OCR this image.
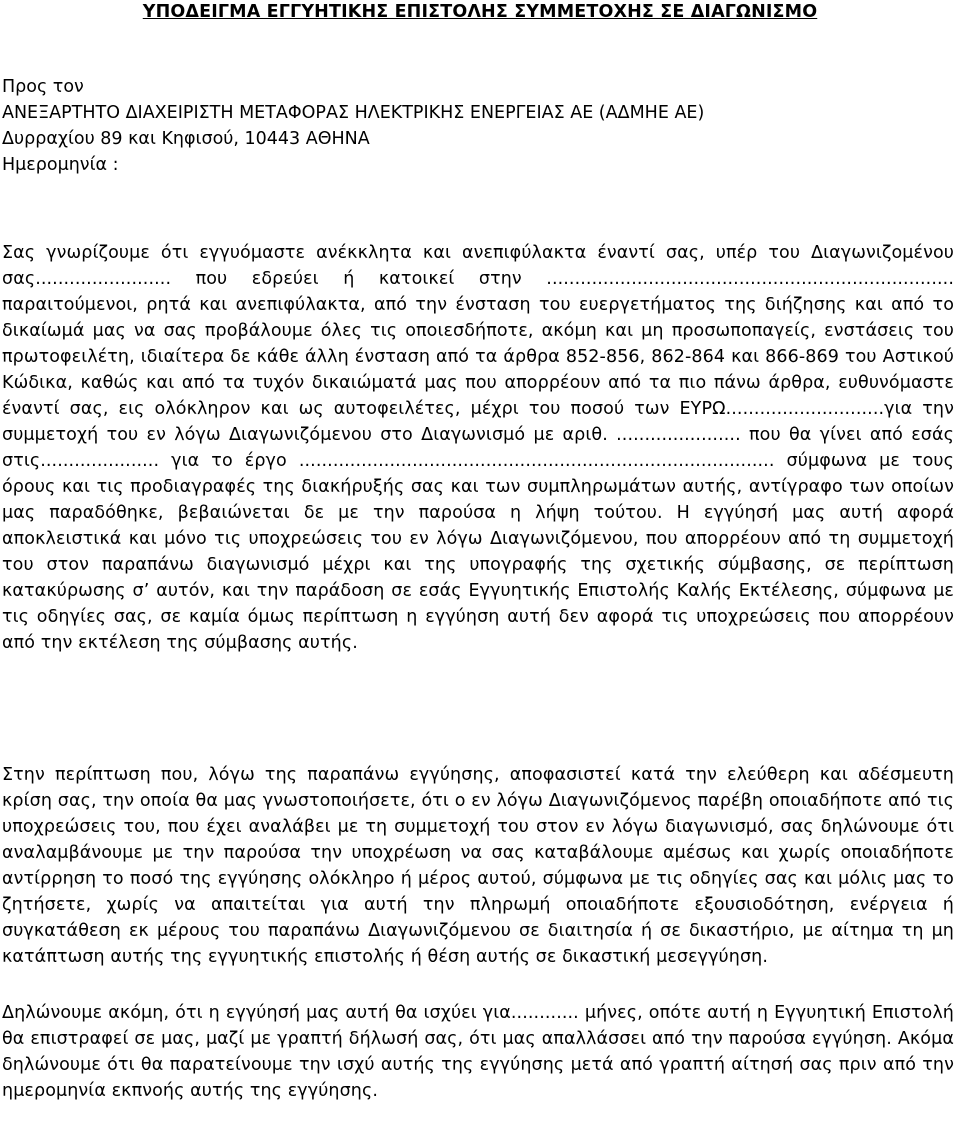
ΥΠΟΔΕΙΓΜΑ ΕΓΓΥΗΤΙΚΗΣ ΕΠΙΣΤΟΛΗΣ ΣΥΜΜΕΤΟΧΗΣ ΣΕ ΔΙΑΓΩΝΙΣΜΟ
Προς τον
ΑΝΕΞΑΡΤΗΤΟ ΔΙΑΧΕΙΡΙΣΤΗ ΜΕΤΑΦΟΡΑΣ ΗΛΕΚΤΡΙΚΗΣ ΕΝΕΡΓΕΙΑΣ ΑΕ (ΑΔΜΗΕ ΑΕ)
Δυρραχίου 89 και Κηφισού, 10443 ΑΘΗΝΑ
Ημερομηνία :

Σας γνωρίζουμε ότι εγγυόμαστε ανέκκλητα και ανεπιφύλακτα έναντί σας, υπέρ του Διαγωνιζομένου σας........................ που εδρεύει ή κατοικεί στην ........................................................................ παραιτούμενοι, ρητά και ανεπιφύλακτα, από την ένσταση του ευεργετήματος της διήζησης και από το δικαίωμά μας να σας προβάλουμε όλες τις οποιεσδήποτε, ακόμη και μη προσωποπαγείς, ενστάσεις του πρωτοφειλέτη, ιδιαίτερα δε κάθε άλλη ένσταση από τα άρθρα 852-856, 862-864 και 866-869 του Αστικού Κώδικα, καθώς και από τα τυχόν δικαιώματά μας που απορρέουν από τα πιο πάνω άρθρα, ευθυνόμαστε έναντί σας, εις ολόκληρον και ως αυτοφειλέτες, μέχρι του ποσού των ΕΥΡΩ............................για την συμμετοχή του εν λόγω Διαγωνιζόμενου στο Διαγωνισμό με αριθ. ...................... που θα γίνει από εσάς στις..................... για το έργο .................................................................................... σύμφωνα με τους όρους και τις προδιαγραφές της διακήρυξής σας και των συμπληρωμάτων αυτής, αντίγραφο των οποίων μας παραδόθηκε, βεβαιώνεται δε με την παρούσα η λήψη τούτου. Η εγγύησή μας αυτή αφορά αποκλειστικά και μόνο τις υποχρεώσεις του εν λόγω Διαγωνιζόμενου, που απορρέουν από τη συμμετοχή του στον παραπάνω διαγωνισμό μέχρι και της υπογραφής της σχετικής σύμβασης, σε περίπτωση κατακύρωσης σ’ αυτόν, και την παράδοση σε εσάς Εγγυητικής Επιστολής Καλής Εκτέλεσης, σύμφωνα με τις οδηγίες σας, σε καμία όμως περίπτωση η εγγύηση αυτή δεν αφορά τις υποχρεώσεις που απορρέουν από την εκτέλεση της σύμβασης αυτής.

Στην περίπτωση που, λόγω της παραπάνω εγγύησης, αποφασιστεί κατά την ελεύθερη και αδέσμευτη κρίση σας, την οποία θα μας γνωστοποιήσετε, ότι ο εν λόγω Διαγωνιζόμενος παρέβη οποιαδήποτε από τις υποχρεώσεις του, που έχει αναλάβει με τη συμμετοχή του στον εν λόγω διαγωνισμό, σας δηλώνουμε ότι αναλαμβάνουμε με την παρούσα την υποχρέωση να σας καταβάλουμε αμέσως και χωρίς οποιαδήποτε αντίρρηση το ποσό της εγγύησης ολόκληρο ή μέρος αυτού, σύμφωνα με τις οδηγίες σας και μόλις μας το ζητήσετε, χωρίς να απαιτείται για αυτή την πληρωμή οποιαδήποτε εξουσιοδότηση, ενέργεια ή συγκατάθεση εκ μέρους του παραπάνω Διαγωνιζόμενου σε διαιτησία ή σε δικαστήριο, με αίτημα τη μη κατάπτωση αυτής της εγγυητικής επιστολής ή θέση αυτής σε δικαστική μεσεγγύηση.

Δηλώνουμε ακόμη, ότι η εγγύησή μας αυτή θα ισχύει για............ μήνες, οπότε αυτή η Εγγυητική Επιστολή θα επιστραφεί σε μας, μαζί με γραπτή δήλωσή σας, ότι μας απαλλάσσει από την παρούσα εγγύηση. Ακόμα δηλώνουμε ότι θα παρατείνουμε την ισχύ αυτής της εγγύησης μετά από γραπτή αίτησή σας πριν από την ημερομηνία εκπνοής αυτής της εγγύησης.
